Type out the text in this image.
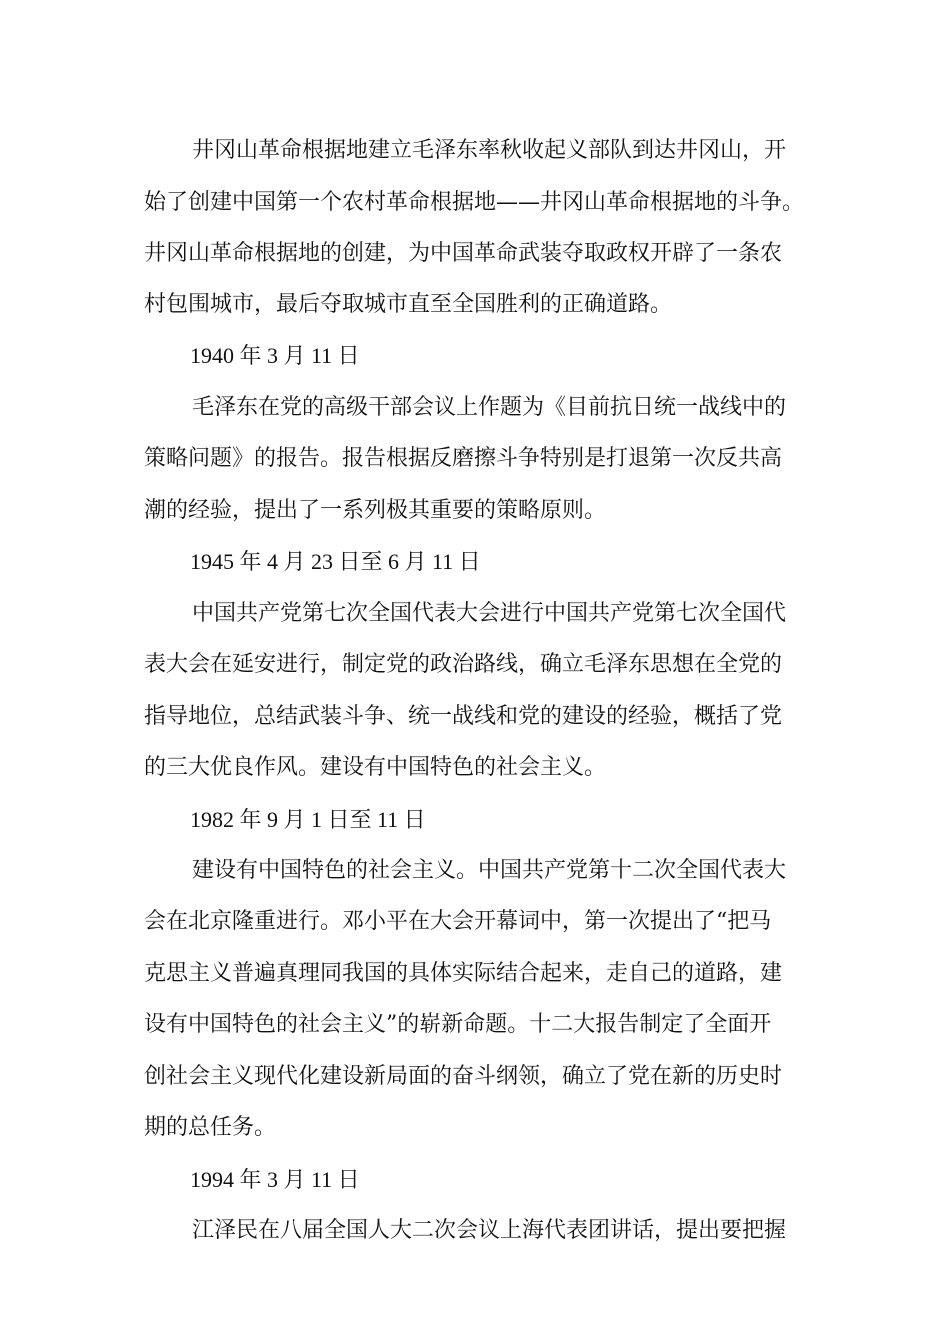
井冈山革命根据地建立毛泽东率秋收起义部队到达井冈山，开
始了创建中国第一个农村革命根据地——井冈山革命根据地的斗争。
井冈山革命根据地的创建，为中国革命武装夺取政权开辟了一条农
村包围城市，最后夺取城市直至全国胜利的正确道路。
1940 年 3 月 11 日
毛泽东在党的高级干部会议上作题为《目前抗日统一战线中的
策略问题》的报告。报告根据反磨擦斗争特别是打退第一次反共高
潮的经验，提出了一系列极其重要的策略原则。
1945 年 4 月 23 日至 6 月 11 日
中国共产党第七次全国代表大会进行中国共产党第七次全国代
表大会在延安进行，制定党的政治路线，确立毛泽东思想在全党的
指导地位，总结武装斗争、统一战线和党的建设的经验，概括了党
的三大优良作风。建设有中国特色的社会主义。
1982 年 9 月 1 日至 11 日
建设有中国特色的社会主义。中国共产党第十二次全国代表大
会在北京隆重进行。邓小平在大会开幕词中，第一次提出了“把马
克思主义普遍真理同我国的具体实际结合起来，走自己的道路，建
设有中国特色的社会主义”的崭新命题。十二大报告制定了全面开
创社会主义现代化建设新局面的奋斗纲领，确立了党在新的历史时
期的总任务。
1994 年 3 月 11 日
江泽民在八届全国人大二次会议上海代表团讲话，提出要把握
